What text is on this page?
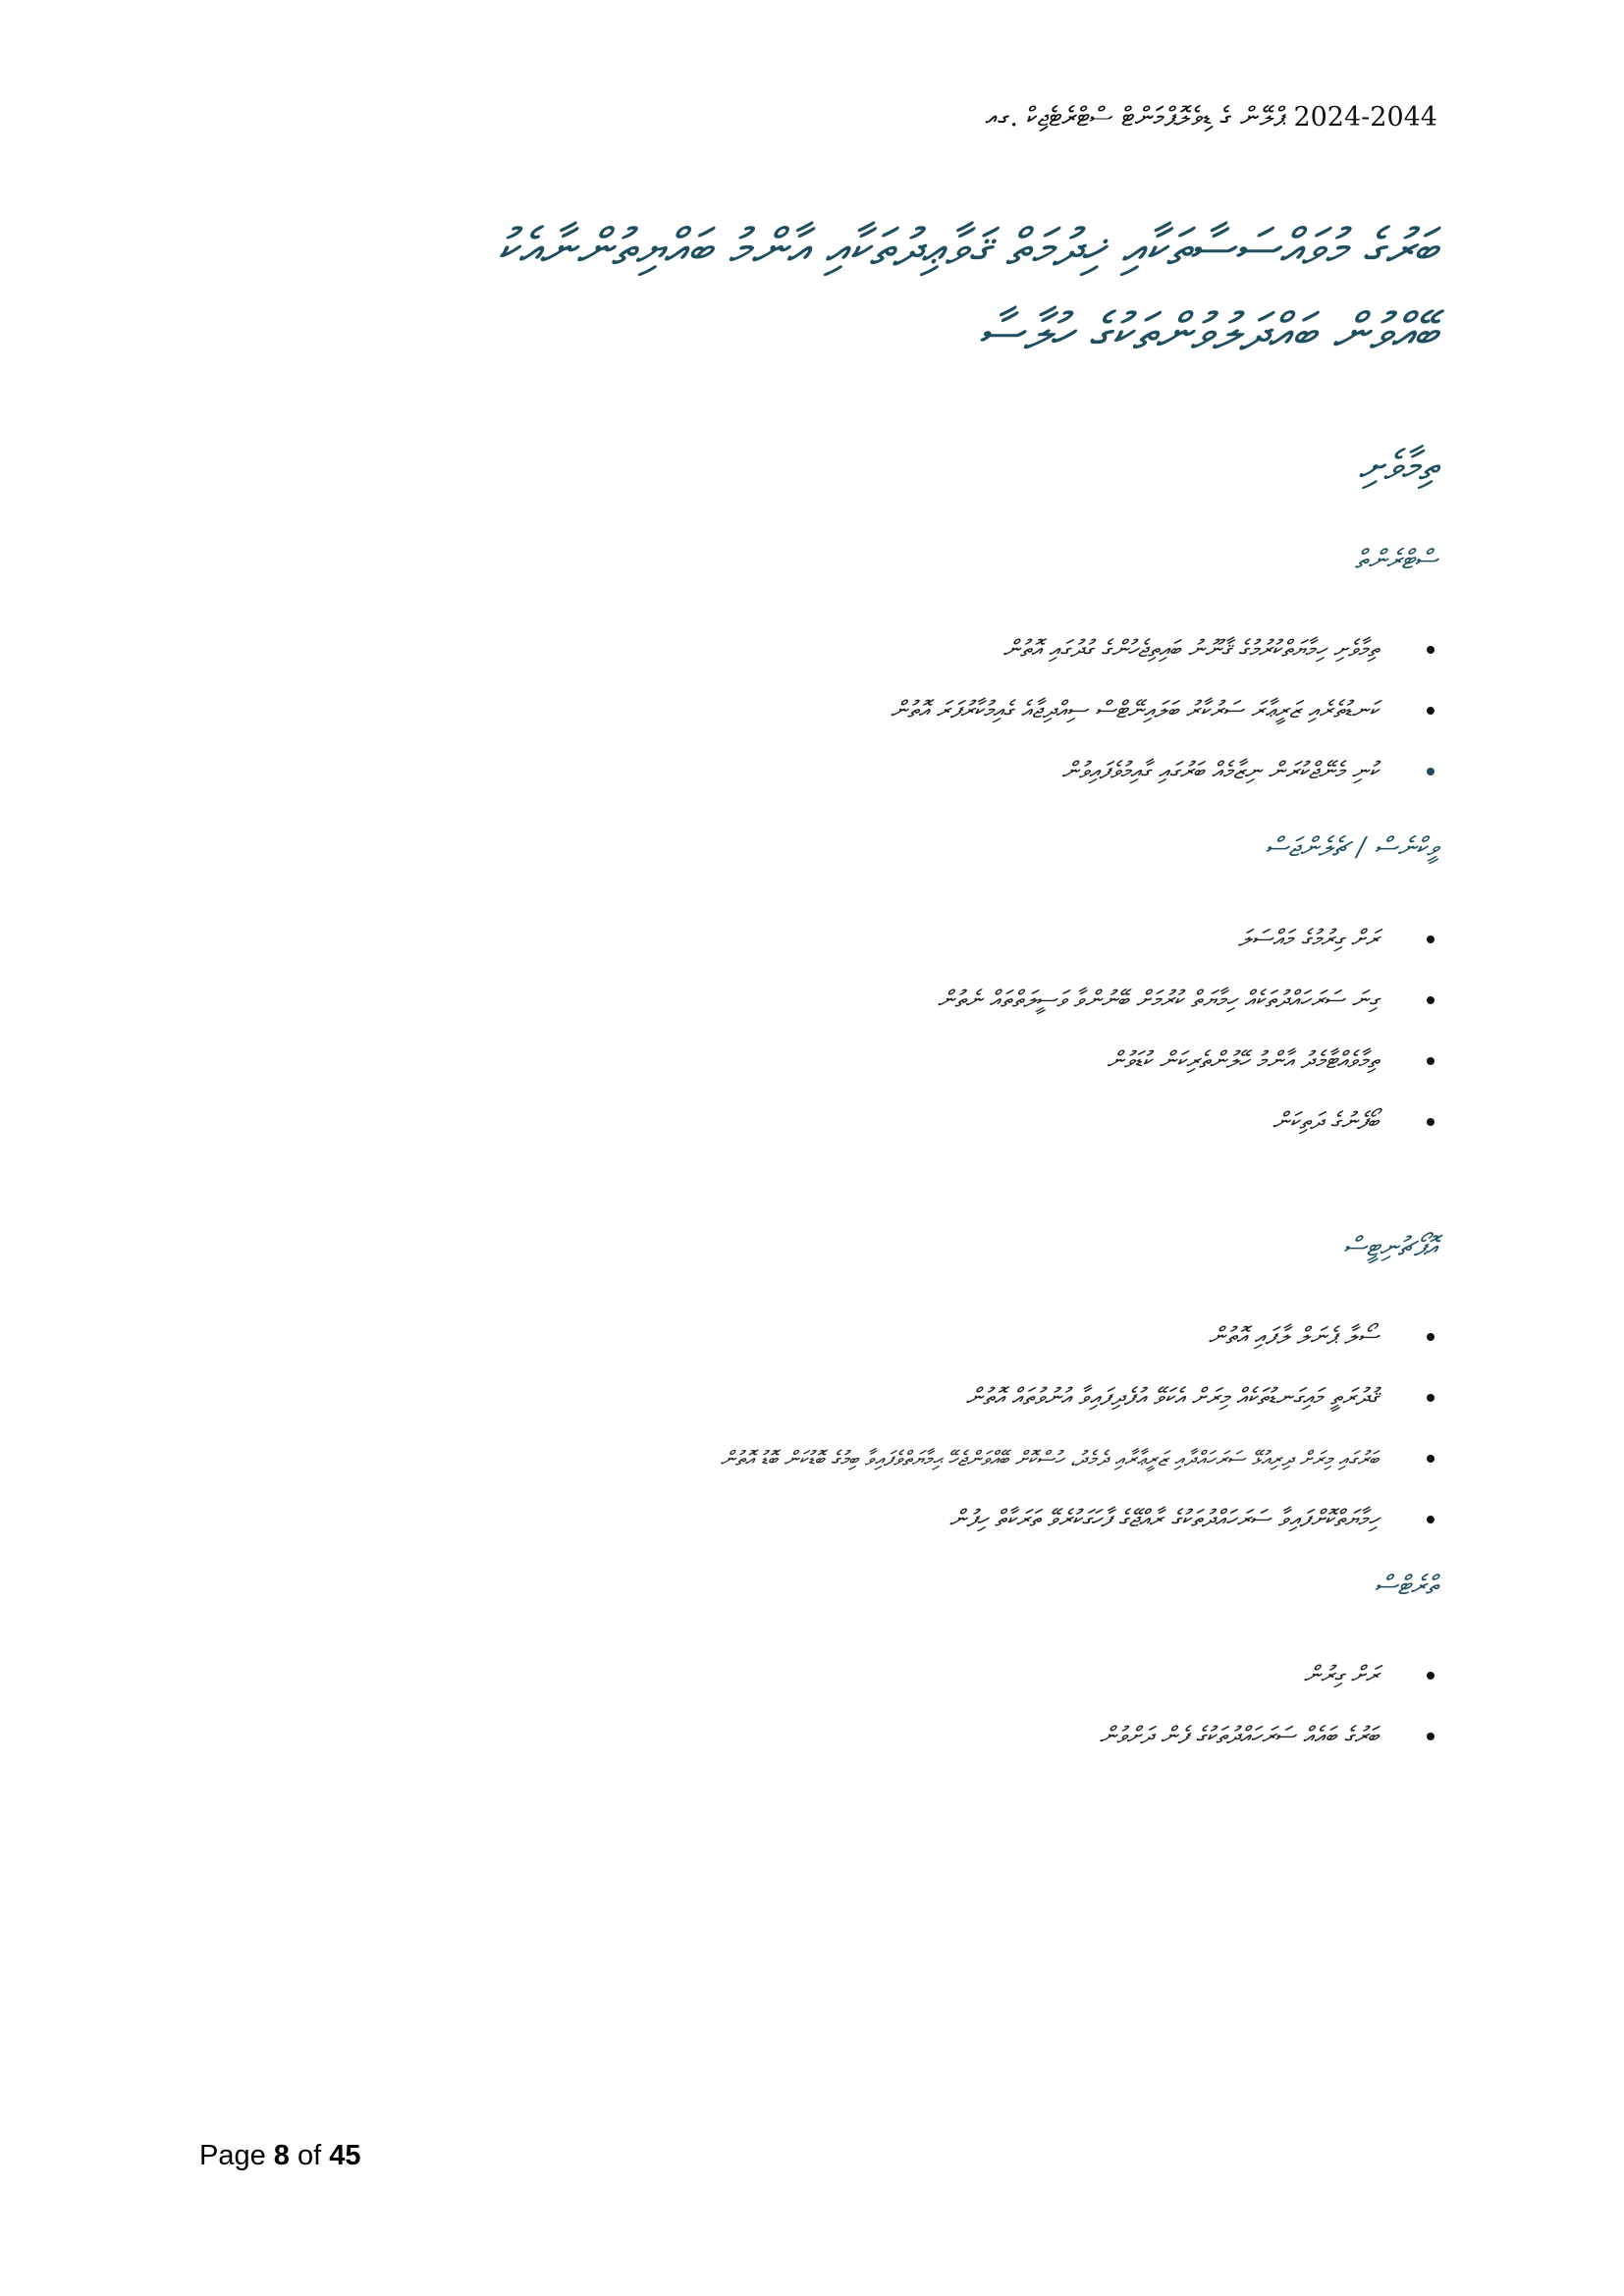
2024-2044 ޕްލޭން ގެ ޑިވެލޮޕްމަންޓް ސްޓްރެޓެޖިކް .ގއ
ބަރުގެ މުވައްސަސާތަކާއި ޚިދުމަތް ޤަވާޢިދުތަކާއި އާންމު ބައްޔިތުންނާއެކު
ބޭއްވުން ބައްދަލުވުންތަކުގެ ހުލާސާ
ތިމާވެށި
ސްޓްރެންތް
ތިމާވެށި ހިމާޔަތްކުރުމުގެ ޤާނޫނު ބައިތިޖެހުންގެ ގުދުގައި އޮތުން
ކަނޑުތެރެއި ޒަރީޢާރަ ސަރުކާރު ބަލައިނޭޓްސް ސިއްދިޖާއެ ގެއިމުކާރުފަރަ އޮތުން
ކުނި މެނޭޖްކުރަން ނިޒާމެއް ބަރުގައި ގާއިމުވެފައިވުން
ވީކްނެސް / ޗެލެންޖަސް
ރަށް ގިރުމުގެ މައްސަލަ
ގިނަ ސަރަހައްދުތަކެއް ހިމާޔަތް ކުރުމަށް ބޭނުންވާ ވަސީލަތްތައް ނެތުން
ތިމާވެއްޓާމެދު އާންމު ހޭލުންތެރިކަން ކުޑަވުން
ބޯފެނުގެ ދަތިކަން
އޮޕޯޗުނިޓީސް
ސޯލާ ޕެނަލް ލާފައި އޮތުން
ޤުދުރަތީ މައިގަނޑުތަކެއް މިރަށް އެކަވޭ އުފެދިފައިވާ އުނުވުތައް އޮތުން
ބަރުގައި މިރަށް ދިރިއުޅޭ ސަރަހައްދާއި ޒަރީޢާރާއި ދެމެދު، ހުސްކޮށް ބޭއްވަންޖެހޭ ޙިމާޔަތްވެފައިވާ ބިމުގެ ބޮޑުކަން ބޮޑު އޮތުން
ހިމާޔަތްކޮށްފައިވާ ސަރަހައްދުތަކުގެ ރާއްޖޭގެ ފާހަގަކުރެވޭ ތަރަކާތް ހިފުން
ތްރެޓްސް
ރަށް ގިރުން
ބަރުގެ ބައެއް ސަރަހައްދުތަކުގެ ފެން ދަށްވުން
Page 8 of 45
